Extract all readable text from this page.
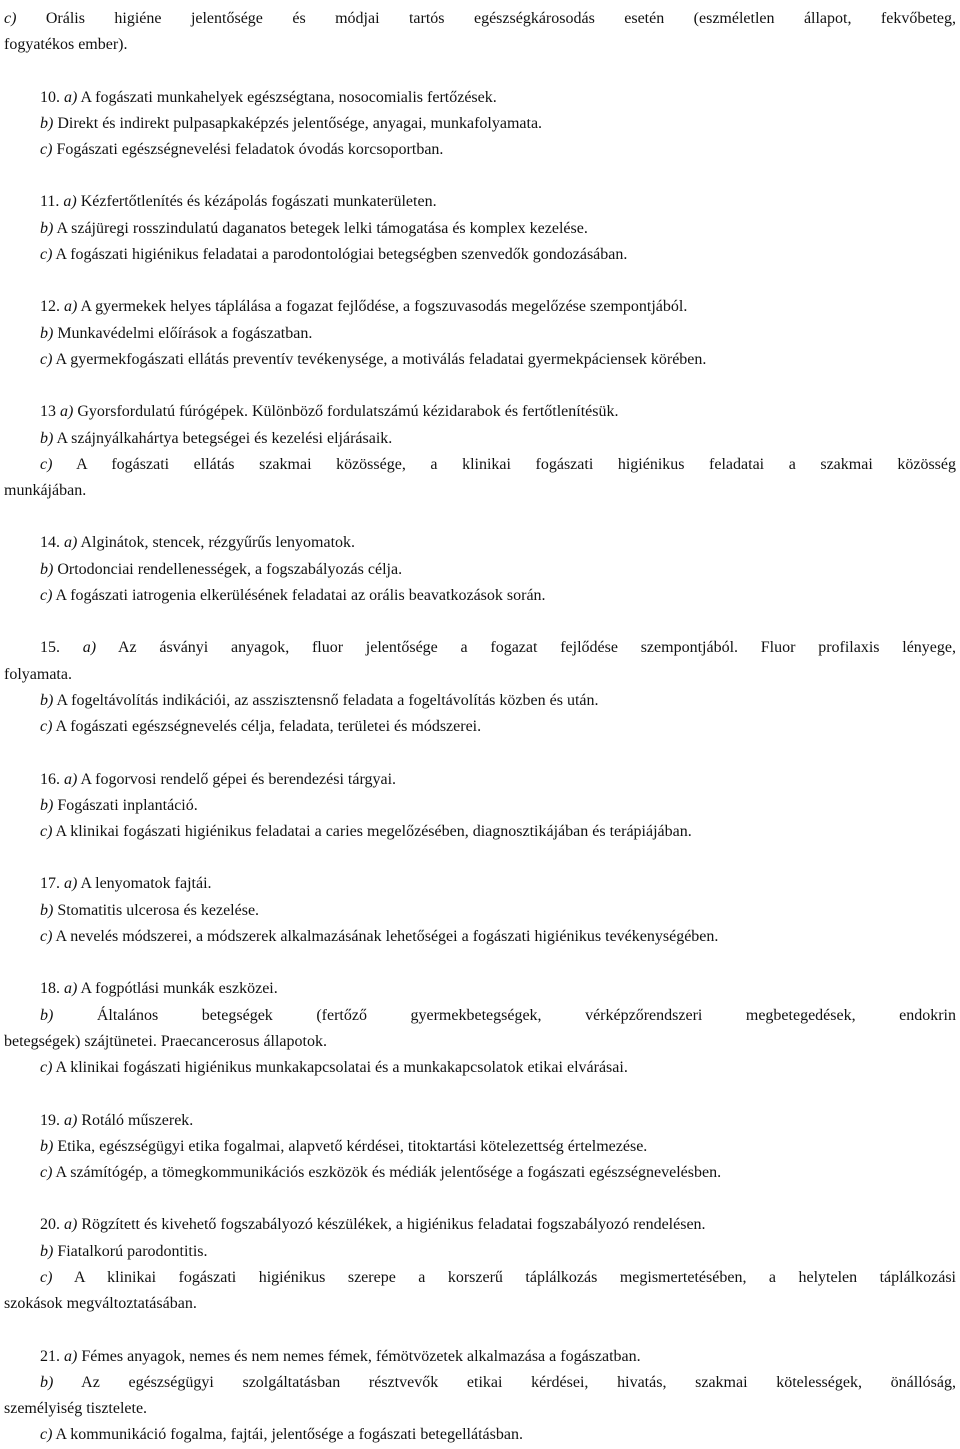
c) Orális higiéne jelentősége és módjai tartós egészségkárosodás esetén (eszméletlen állapot, fekvőbeteg,

fogyatékos ember).

10. a) A fogászati munkahelyek egészségtana, nosocomialis fertőzések.

b) Direkt és indirekt pulpasapkaképzés jelentősége, anyagai, munkafolyamata.

c) Fogászati egészségnevelési feladatok óvodás korcsoportban.

11. a) Kézfertőtlenítés és kézápolás fogászati munkaterületen.

b) A szájüregi rosszindulatú daganatos betegek lelki támogatása és komplex kezelése.

c) A fogászati higiénikus feladatai a parodontológiai betegségben szenvedők gondozásában.

12. a) A gyermekek helyes táplálása a fogazat fejlődése, a fogszuvasodás megelőzése szempontjából.

b) Munkavédelmi előírások a fogászatban.

c) A gyermekfogászati ellátás preventív tevékenysége, a motiválás feladatai gyermekpáciensek körében.

13 a) Gyorsfordulatú fúrógépek. Különböző fordulatszámú kézidarabok és fertőtlenítésük.

b) A szájnyálkahártya betegségei és kezelési eljárásaik.

c) A fogászati ellátás szakmai közössége, a klinikai fogászati higiénikus feladatai a szakmai közösség

munkájában.

14. a) Alginátok, stencek, rézgyűrűs lenyomatok.

b) Ortodonciai rendellenességek, a fogszabályozás célja.

c) A fogászati iatrogenia elkerülésének feladatai az orális beavatkozások során.

15. a) Az ásványi anyagok, fluor jelentősége a fogazat fejlődése szempontjából. Fluor profilaxis lényege,

folyamata.

b) A fogeltávolítás indikációi, az asszisztensnő feladata a fogeltávolítás közben és után.

c) A fogászati egészségnevelés célja, feladata, területei és módszerei.

16. a) A fogorvosi rendelő gépei és berendezési tárgyai.

b) Fogászati inplantáció.

c) A klinikai fogászati higiénikus feladatai a caries megelőzésében, diagnosztikájában és terápiájában.

17. a) A lenyomatok fajtái.

b) Stomatitis ulcerosa és kezelése.

c) A nevelés módszerei, a módszerek alkalmazásának lehetőségei a fogászati higiénikus tevékenységében.

18. a) A fogpótlási munkák eszközei.

b) Általános betegségek (fertőző gyermekbetegségek, vérképzőrendszeri megbetegedések, endokrin

betegségek) szájtünetei. Praecancerosus állapotok.

c) A klinikai fogászati higiénikus munkakapcsolatai és a munkakapcsolatok etikai elvárásai.

19. a) Rotáló műszerek.

b) Etika, egészségügyi etika fogalmai, alapvető kérdései, titoktartási kötelezettség értelmezése.

c) A számítógép, a tömegkommunikációs eszközök és médiák jelentősége a fogászati egészségnevelésben.

20. a) Rögzített és kivehető fogszabályozó készülékek, a higiénikus feladatai fogszabályozó rendelésen.

b) Fiatalkorú parodontitis.

c) A klinikai fogászati higiénikus szerepe a korszerű táplálkozás megismertetésében, a helytelen táplálkozási

szokások megváltoztatásában.

21. a) Fémes anyagok, nemes és nem nemes fémek, fémötvözetek alkalmazása a fogászatban.

b) Az egészségügyi szolgáltatásban résztvevők etikai kérdései, hivatás, szakmai kötelességek, önállóság,

személyiség tisztelete.

c) A kommunikáció fogalma, fajtái, jelentősége a fogászati betegellátásban.
